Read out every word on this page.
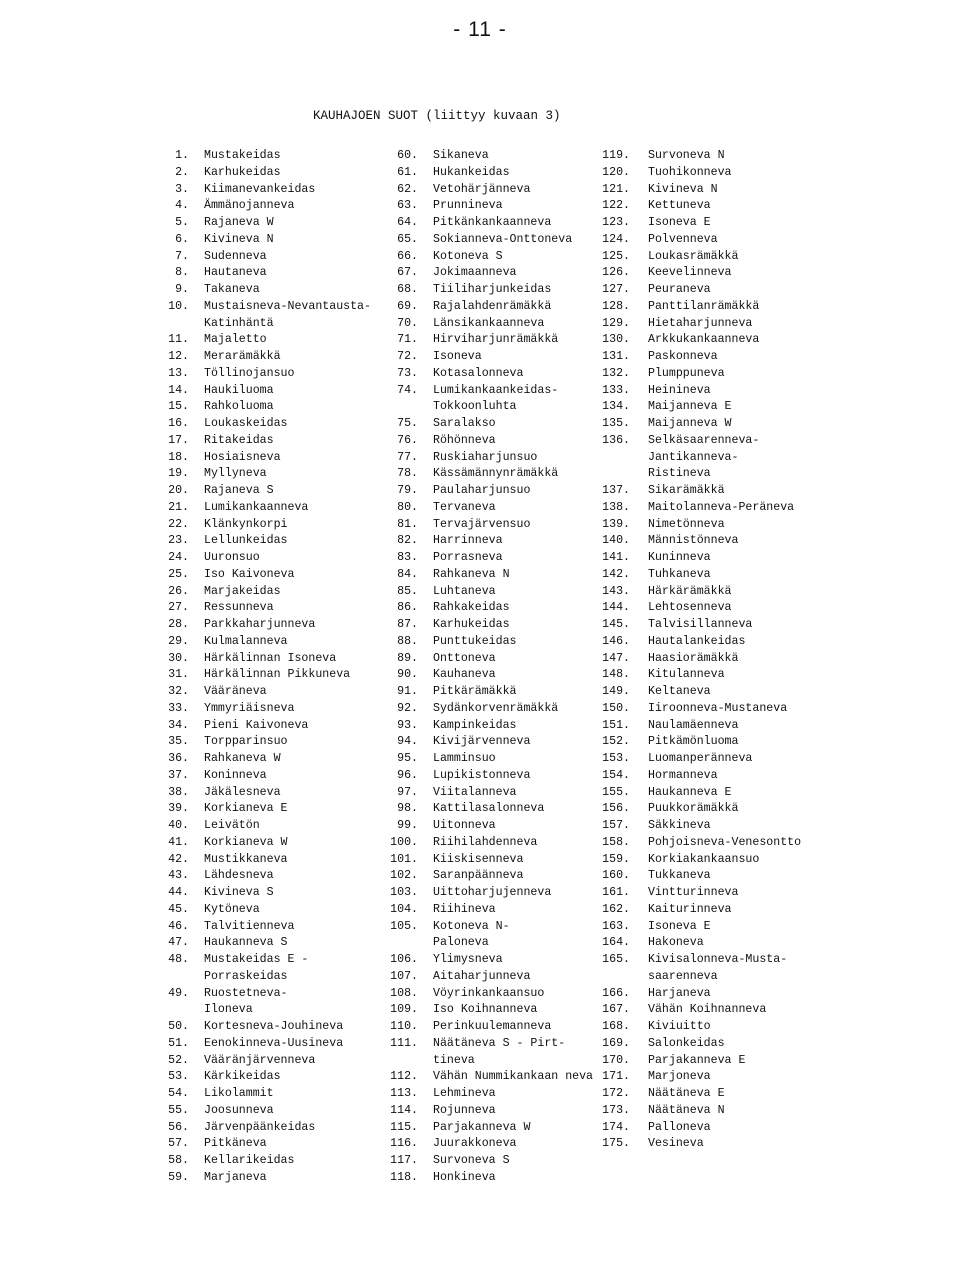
- 11 -
KAUHAJOEN SUOT (liittyy kuvaan 3)
1. Mustakeidas
2. Karhukeidas
3. Kiimanevankeidas
4. Ämmänojanneva
5. Rajaneva W
6. Kivineva N
7. Sudenneva
8. Hautaneva
9. Takaneva
10. Mustaisneva-Nevantausta-
Katinhäntä
11. Majaletto
12. Merarämäkkä
13. Töllinojansuo
14. Haukiluoma
15. Rahkoluoma
16. Loukaskeidas
17. Ritakeidas
18. Hosiaisneva
19. Myllyneva
20. Rajaneva S
21. Lumikankaanneva
22. Klänkynkorpi
23. Lellunkeidas
24. Uuronsuo
25. Iso Kaivoneva
26. Marjakeidas
27. Ressunneva
28. Parkkaharjunneva
29. Kulmalanneva
30. Härkälinnan Isoneva
31. Härkälinnan Pikkuneva
32. Vääräneva
33. Ymmyriäisneva
34. Pieni Kaivoneva
35. Torpparinsuo
36. Rahkaneva W
37. Koninneva
38. Jäkälesneva
39. Korkianeva E
40. Leivätön
41. Korkianeva W
42. Mustikkaneva
43. Lähdesneva
44. Kivineva S
45. Kytöneva
46. Talvitienneva
47. Haukanneva S
48. Mustakeidas E -
Porraskeidas
49. Ruostetneva-
Iloneva
50. Kortesneva-Jouhineva
51. Eenokinneva-Uusineva
52. Vääränjärvenneva
53. Kärkikeidas
54. Likolammit
55. Joosunneva
56. Järvenpäänkeidas
57. Pitkäneva
58. Kellarikeidas
59. Marjaneva
60. Sikaneva
61. Hukankeidas
62. Vetohärjänneva
63. Prunnineva
64. Pitkänkankaanneva
65. Sokianneva-Onttoneva
66. Kotoneva S
67. Jokimaanneva
68. Tiiliharjunkeidas
69. Rajalahdenrämäkkä
70. Länsikankaanneva
71. Hirviharjunrämäkkä
72. Isoneva
73. Kotasalonneva
74. Lumikankaankeidas-
Tokkoonluhta
75. Saralakso
76. Röhönneva
77. Ruskiaharjunsuo
78. Kässämännynrämäkkä
79. Paulaharjunsuo
80. Tervaneva
81. Tervajärvensuo
82. Harrinneva
83. Porrasneva
84. Rahkaneva N
85. Luhtaneva
86. Rahkakeidas
87. Karhukeidas
88. Punttukeidas
89. Onttoneva
90. Kauhaneva
91. Pitkärämäkkä
92. Sydänkorvenrämäkkä
93. Kampinkeidas
94. Kivijärvenneva
95. Lamminsuo
96. Lupikistonneva
97. Viitalanneva
98. Kattilasalonneva
99. Uitonneva
100. Riihilahdenneva
101. Kiiskisenneva
102. Saranpäänneva
103. Uittoharjujenneva
104. Riihineva
105. Kotoneva N-
Paloneva
106. Ylimysneva
107. Aitaharjunneva
108. Vöyrinkankaansuo
109. Iso Koihnanneva
110. Perinkuulemanneva
111. Näätäneva S - Pirt-
tineva
112. Vähän Nummikankaan neva
113. Lehmineva
114. Rojunneva
115. Parjakanneva W
116. Juurakkoneva
117. Survoneva S
118. Honkineva
119. Survoneva N
120. Tuohikonneva
121. Kivineva N
122. Kettuneva
123. Isoneva E
124. Polvenneva
125. Loukasrämäkkä
126. Keevelinneva
127. Peuraneva
128. Panttilanrämäkkä
129. Hietaharjunneva
130. Arkkukankaanneva
131. Paskonneva
132. Plumppuneva
133. Heinineva
134. Maijanneva E
135. Maijanneva W
136. Selkäsaarenneva-
Jantikanneva-
Ristineva
137. Sikarämäkkä
138. Maitolanneva-Peräneva
139. Nimetönneva
140. Männistönneva
141. Kuninneva
142. Tuhkaneva
143. Härkärämäkkä
144. Lehtosenneva
145. Talvisillanneva
146. Hautalankeidas
147. Haasiorämäkkä
148. Kitulanneva
149. Keltaneva
150. Iiroonneva-Mustaneva
151. Naulamäenneva
152. Pitkämönluoma
153. Luomanperänneva
154. Hormanneva
155. Haukanneva E
156. Puukkorämäkkä
157. Säkkineva
158. Pohjoisneva-Venesontto
159. Korkiakankaansuo
160. Tukkaneva
161. Vintturinneva
162. Kaiturinneva
163. Isoneva E
164. Hakoneva
165. Kivisalonneva-Musta-
saarenneva
166. Harjaneva
167. Vähän Koihnanneva
168. Kiviuitto
169. Salonkeidas
170. Parjakanneva E
171. Marjoneva
172. Näätäneva E
173. Näätäneva N
174. Palloneva
175. Vesineva
